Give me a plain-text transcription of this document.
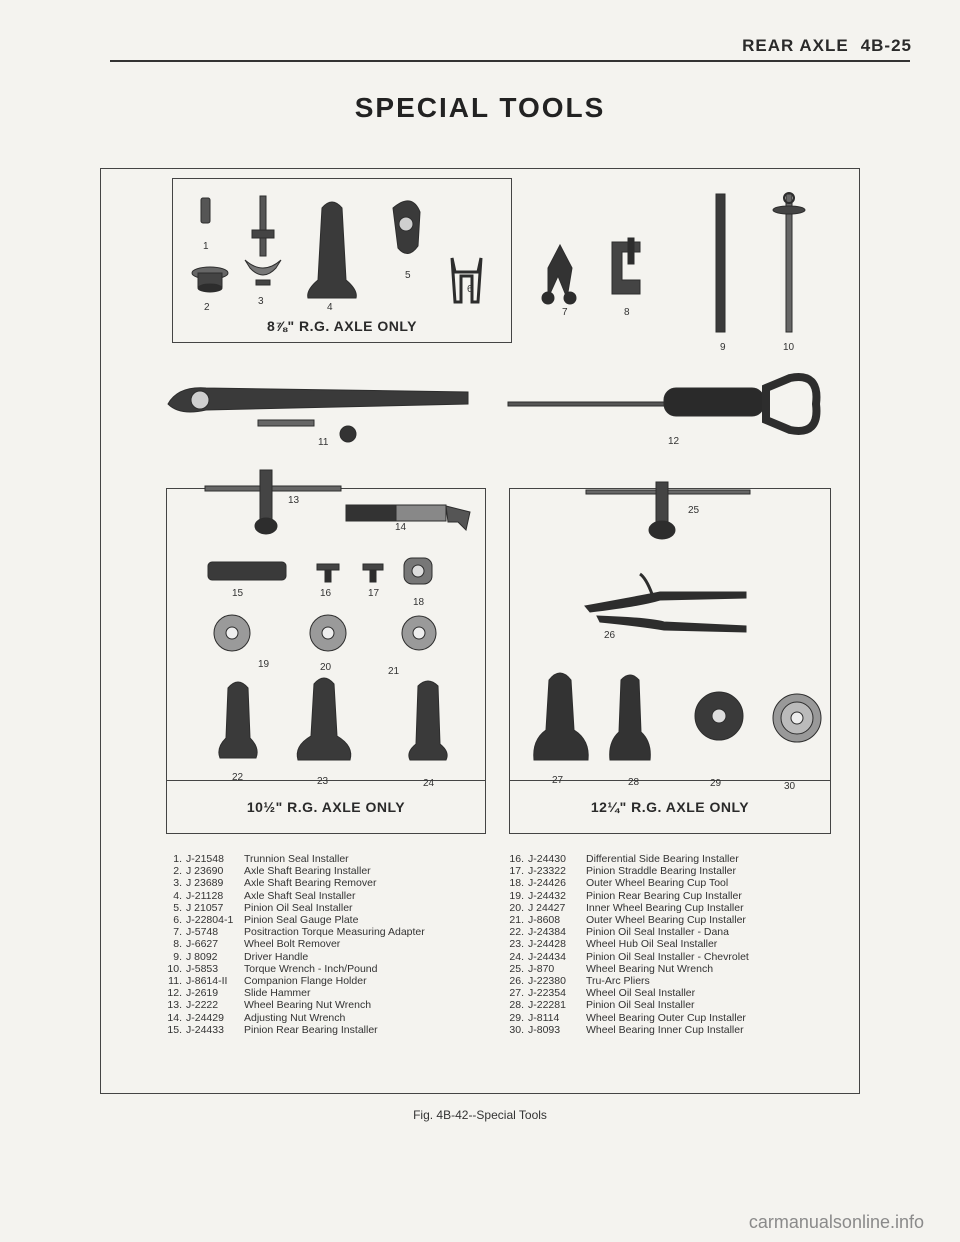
REAR AXLE 4B-25
SPECIAL TOOLS
8⅞" R.G. AXLE ONLY
10½" R.G. AXLE ONLY	12¼" R.G. AXLE ONLY
1
2
3
4
5
6
7	8
9	10
11	12
13
14
15	16	17
18
19	20	21
22	23	24
25
26
27	28	29	30
1. J-21548	Trunnion Seal Installer
2. J 23690	Axle Shaft Bearing Installer
3. J 23689	Axle Shaft Bearing Remover
4. J-21128	Axle Shaft Seal Installer
5. J 21057	Pinion Oil Seal Installer
6. J-22804-1	Pinion Seal Gauge Plate
7. J-5748	Positraction Torque Measuring Adapter
8. J-6627	Wheel Bolt Remover
9. J 8092	Driver Handle
10. J-5853	Torque Wrench - Inch/Pound
11. J-8614-II	Companion Flange Holder
12. J-2619	Slide Hammer
13. J-2222	Wheel Bearing Nut Wrench
14. J-24429	Adjusting Nut Wrench
15. J-24433	Pinion Rear Bearing Installer
16. J-24430	Differential Side Bearing Installer
17. J-23322	Pinion Straddle Bearing Installer
18. J-24426	Outer Wheel Bearing Cup Tool
19. J-24432	Pinion Rear Bearing Cup Installer
20. J 24427	Inner Wheel Bearing Cup Installer
21. J-8608	Outer Wheel Bearing Cup Installer
22. J-24384	Pinion Oil Seal Installer - Dana
23. J-24428	Wheel Hub Oil Seal Installer
24. J-24434	Pinion Oil Seal Installer - Chevrolet
25. J-870	Wheel Bearing Nut Wrench
26. J-22380	Tru-Arc Pliers
27. J-22354	Wheel Oil Seal Installer
28. J-22281	Pinion Oil Seal Installer
29. J-8114	Wheel Bearing Outer Cup Installer
30. J-8093	Wheel Bearing Inner Cup Installer
Fig. 4B-42--Special Tools
carmanualsonline.info
